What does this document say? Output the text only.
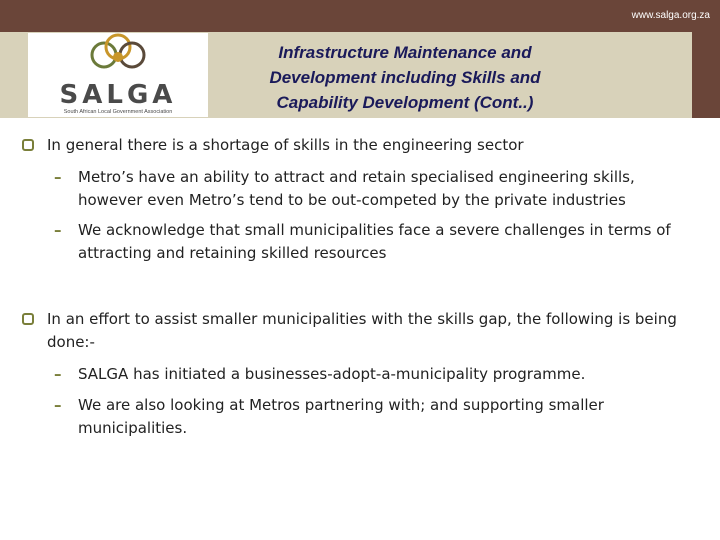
www.salga.org.za
SALGA
South African Local Government Association
Infrastructure Maintenance and
Development including Skills and
Capability Development (Cont..)
In general there is a shortage of skills in the engineering sector
– Metro’s have an ability to attract and retain specialised engineering skills, however even Metro’s tend to be out-competed by the private industries
– We acknowledge that small municipalities face a severe challenges in terms of attracting and retaining skilled resources
In an effort to assist smaller municipalities with the skills gap, the following is being done:-
– SALGA has initiated a businesses-adopt-a-municipality programme.
– We are also looking at Metros partnering with; and supporting smaller municipalities.
